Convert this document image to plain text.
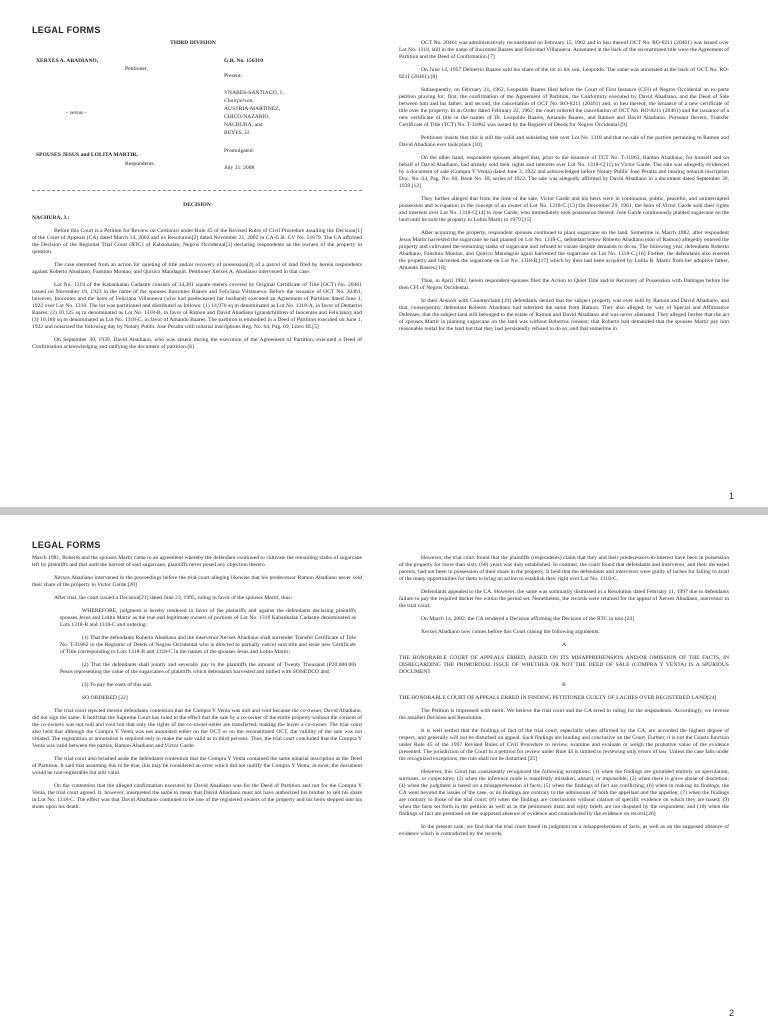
LEGAL FORMS
THIRD DIVISION
XERXES A. ABADIANO,
Petitioner,
- versus -
SPOUSES JESUS and LOLITA MARTIR,
Respondents.
G.R. No. 156310
Present:
YNARES-SANTIAGO, J.,
Chairperson,
AUSTRIA-MARTINEZ,
CHICO-NAZARIO,
NACHURA, and
REYES, JJ.
Promulgated:
July 31, 2008

DECISION

NACHURA, J.:

Before this Court is a Petition for Review on Certiorari under Rule 45 of the Revised Rules of Civil Procedure assailing the Decision[1] of the Court of Appeals (CA) dated March 14, 2002 and its Resolution[2] dated November 21, 2002 in CA-G.R. CV No. 51679. The CA affirmed the Decision of the Regional Trial Court (RTC) of Kabankalan, Negros Occidental[3] declaring respondents as the owners of the property in question.

The case stemmed from an action for quieting of title and/or recovery of possession[4] of a parcel of land filed by herein respondents against Roberto Abadiano, Faustino Montao, and Quirico Mandaguit. Petitioner Xerxes A. Abadiano intervened in that case.

Lot No. 1318 of the Kabankalan Cadastre consists of 34,281 square meters covered by Original Certificate of Title (OCT) No. 20461 issued on November 19, 1923 in the name of the spouses Inocentes Baares and Feliciana Villanueva. Before the issuance of OCT No. 20461, however, Inocentes and the heirs of Feliciana Villanueva (who had predeceased her husband) executed an Agreement of Partition dated June 1, 1922 over Lot No. 1318. The lot was partitioned and distributed as follows: (1) 14,976 sq m denominated as Lot No. 1318-A, in favor of Demetrio Baares; (2) 10,125 sq m denominated as Lot No. 1318-B, in favor of Ramon and David Abadiano (grandchildren of Inocentes and Feliciana); and (3) 10,180 sq m denominated as Lot No. 1318-C, in favor of Amando Baares. The partition is embodied in a Deed of Partition executed on June 1, 1922 and notarized the following day by Notary Public Jose Peralta with notarial inscriptions Reg. No. 64, Pag. 69, Libro III.[5]

On September 30, 1939, David Abadiano, who was absent during the execution of the Agreement of Partition, executed a Deed of Confirmation acknowledging and ratifying the document of partition.[6]

OCT No. 20461 was administratively reconstituted on February 15, 1962 and in lieu thereof OCT No. RO-8211 (20461) was issued over Lot No. 1318, still in the name of Inocentes Baares and Felicidad Villanueva. Annotated at the back of the reconstituted title were the Agreement of Partition and the Deed of Confirmation.[7]

On June 14, 1957 Demetrio Baares sold his share of the lot to his son, Leopoldo. The same was annotated at the back of OCT No. RO-8211 (20461).[8]

Subsequently, on February 21, 1962, Leopoldo Baares filed before the Court of First Instance (CFI) of Negros Occidental an ex-parte petition praying for: first, the confirmation of the Agreement of Partition, the Conformity executed by David Abadiano, and the Deed of Sale between him and his father; and second, the cancellation of OCT No. RO-8211 (20461) and, in lieu thereof, the issuance of a new certificate of title over the property. In an Order dated February 22, 1962, the court ordered the cancellation of OCT No. RO-8211 (20461) and the issuance of a new certificate of title in the names of Dr. Leopoldo Baares, Amando Baares, and Ramon and David Abadiano. Pursuant thereto, Transfer Certificate of Title (TCT) No. T-31862 was issued by the Register of Deeds for Negros Occidental.[9]

Petitioner insists that this is still the valid and subsisting title over Lot No. 1318 and that no sale of the portion pertaining to Ramon and David Abadiano ever took place.[10]

On the other hand, respondent spouses alleged that, prior to the issuance of TCT No. T-31862, Ramon Abadiano, for himself and on behalf of David Abadiano, had already sold their rights and interests over Lot No. 1318-C[11] to Victor Garde. The sale was allegedly evidenced by a document of sale (Compra Y Venta) dated June 3, 1922 and acknowledged before Notary Public Jose Peralta and bearing notarial inscription Doc. No. 64, Pag. No. 60, Book No. III, series of 1922. The sale was allegedly affirmed by David Abadiano in a document dated September 30, 1939.[12]

They further alleged that from the time of the sale, Victor Garde and his heirs were in continuous, public, peaceful, and uninterrupted possession and occupation in the concept of an owner of Lot No. 1318-C.[13] On December 29, 1961, the heirs of Victor Garde sold their rights and interests over Lot No. 1318-C[14] to Jose Garde, who immediately took possession thereof. Jose Garde continuously planted sugarcane on the land until he sold the property to Lolita Martir in 1979.[15]

After acquiring the property, respondent spouses continued to plant sugarcane on the land. Sometime in March 1982, after respondent Jesus Martir harvested the sugarcane he had planted on Lot No. 1318-C, defendant below Roberto Abadiano (son of Ramon) allegedly entered the property and cultivated the remaining stalks of sugarcane and refused to vacate despite demands to do so. The following year, defendants Roberto Abadiano, Faustino Montao, and Quirico Mandaguit again harvested the sugarcane on Lot No. 1318-C.[16] Further, the defendants also entered the property and harvested the sugarcane on Lot No. 1318-B,[17] which by then had been acquired by Lolita B. Martir from her adoptive father, Amando Baares.[18]

Thus, in April 1982, herein respondent-spouses filed the Action to Quiet Title and/or Recovery of Possession with Damages before the then CFI of Negros Occidental.

In their Answer with Counterclaim,[19] defendants denied that the subject property was ever sold by Ramon and David Abadiano, and that, consequently, defendant Roberto Abadiano had inherited the same from Ramon. They also alleged, by way of Special and Affirmative Defenses, that the subject land still belonged to the estate of Ramon and David Abadiano and was never alienated. They alleged further that the act of spouses Martir in planting sugarcane on the land was without Robertos consent; that Roberto had demanded that the spouses Martir pay him reasonable rental for the land but that they had persistently refused to do so; and that sometime in

1
LEGAL FORMS

March 1981, Roberto and the spouses Martir came to an agreement whereby the defendant continued to cultivate the remaining stalks of sugarcane left by plaintiffs and that until the harvest of said sugarcane, plaintiffs never posed any objection thereto.

Xerxes Abadiano intervened in the proceedings before the trial court alleging likewise that his predecessor Ramon Abadiano never sold their share of the property to Victor Garde.[20]

After trial, the court issued a Decision[21] dated June 23, 1995, ruling in favor of the spouses Martir, thus:

WHEREFORE, judgment is hereby rendered in favor of the plaintiffs and against the defendants declaring plaintiffs spouses Jesus and Lolita Martir as the true and legitimate owners of portions of Lot No. 1318 Kabankalan Cadastre denominated as Lots 1318-B and 1318-C and ordering:

(1) That the defendants Roberto Abadiano and the intervenor Xerxes Abadiano shall surrender Transfer Certificate of Title No. T-31862 to the Registrar of Deeds of Negros Occidental who is directed to partially cancel said title and issue new Certificate of Title corresponding to Lots 1318-B and 1318-C in the names of the spouses Jesus and Lolita Martir;

(2) That the defendants shall jointly and severally pay to the plaintiffs the amount of Twenty Thousand (P20,000.00) Pesos representing the value of the sugarcanes of plaintiffs which defendants harvested and milled with SONEDCO and;

(3) To pay the costs of this suit.

SO ORDERED.[22]

The trial court rejected therein defendants contention that the Compra Y Venta was null and void because the co-owner, David Abadiano, did not sign the same. It held that the Supreme Court has ruled to the effect that the sale by a co-owner of the entire property without the consent of the co-owners was not null and void but that only the rights of the co-owner-seller are transferred, making the buyer a co-owner. The trial court also held that although the Compra Y Venta was not annotated either on the OCT or on the reconstituted OCT, the validity of the sale was not vitiated. The registration or annotation is required only to make the sale valid as to third persons. Thus, the trial court concluded that the Compra Y Venta was valid between the parties, Ramon Abadiano and Victor Garde.

The trial court also brushed aside the defendants contention that the Compra Y Venta contained the same notarial inscription as the Deed of Partition. It said that assuming this to be true, this may be considered an error which did not nullify the Compra Y Venta; at most, the document would be non-registrable but still valid.

On the contention that the alleged confirmation executed by David Abadiano was for the Deed of Partition and not for the Compra Y Venta, the trial court agreed. It, however, interpreted the same to mean that David Abadiano must not have authorized his brother to sell his share in Lot No. 1318-C. The effect was that David Abadiano continued to be one of the registered owners of the property and his heirs stepped into his shoes upon his death.

However, the trial court found that the plaintiffs (respondents) claim that they and their predecessors-in-interest have been in possession of the property for more than sixty (60) years was duly established. In contrast, the court found that defendants and intervenor, and their deceased parents, had not been in possession of their share in the property. It held that the defendants and intervenor were guilty of laches for failing to avail of the many opportunities for them to bring an action to establish their right over Lot No. 1318-C.

Defendants appealed to the CA. However, the same was summarily dismissed in a Resolution dated February 11, 1997 due to defendants failure to pay the required docket fee within the period set. Nonetheless, the records were retained for the appeal of Xerxes Abadiano, intervenor in the trial court.

On March 14, 2002, the CA rendered a Decision affirming the Decision of the RTC in toto.[23]

Xerxes Abadiano now comes before this Court raising the following arguments:

A

THE HONORABLE COURT OF APPEALS ERRED, BASED ON ITS MISAPPREHENSION AND/OR OMISSION OF THE FACTS, IN DISREGARDING THE PRIMORDIAL ISSUE OF WHETHER OR NOT THE DEED OF SALE (COMPRA Y VENTA) IS A SPURIOUS DOCUMENT

B

THE HONORABLE COURT OF APPEALS ERRED IN FINDING PETITIONER GUILTY OF LACHES OVER REGISTERED LAND[24]

The Petition is impressed with merit. We believe the trial court and the CA erred in ruling for the respondents. Accordingly, we reverse the assailed Decision and Resolution.

It is well settled that the findings of fact of the trial court, especially when affirmed by the CA, are accorded the highest degree of respect, and generally will not be disturbed on appeal. Such findings are binding and conclusive on the Court. Further, it is not the Courts function under Rule 45 of the 1997 Revised Rules of Civil Procedure to review, examine and evaluate or weigh the probative value of the evidence presented. The jurisdiction of the Court in a petition for review under Rule 45 is limited to reviewing only errors of law. Unless the case falls under the recognized exceptions, the rule shall not be disturbed.[25]

However, this Court has consistently recognized the following exceptions: (1) when the findings are grounded entirely on speculation, surmises, or conjectures; (2) when the inference made is manifestly mistaken, absurd, or impossible; (3) when there is grave abuse of discretion; (4) when the judgment is based on a misapprehension of facts; (5) when the findings of fact are conflicting; (6) when in making its findings, the CA went beyond the issues of the case, or its findings are contrary to the admissions of both the appellant and the appellee; (7) when the findings are contrary to those of the trial court; (8) when the findings are conclusions without citation of specific evidence on which they are based; (9) when the facts set forth in the petition as well as in the petitioners main and reply briefs are not disputed by the respondent; and (10) when the findings of fact are premised on the supposed absence of evidence and contradicted by the evidence on record.[26]

In the present case, we find that the trial court based its judgment on a misapprehension of facts, as well as on the supposed absence of evidence which is contradicted by the records.

2
